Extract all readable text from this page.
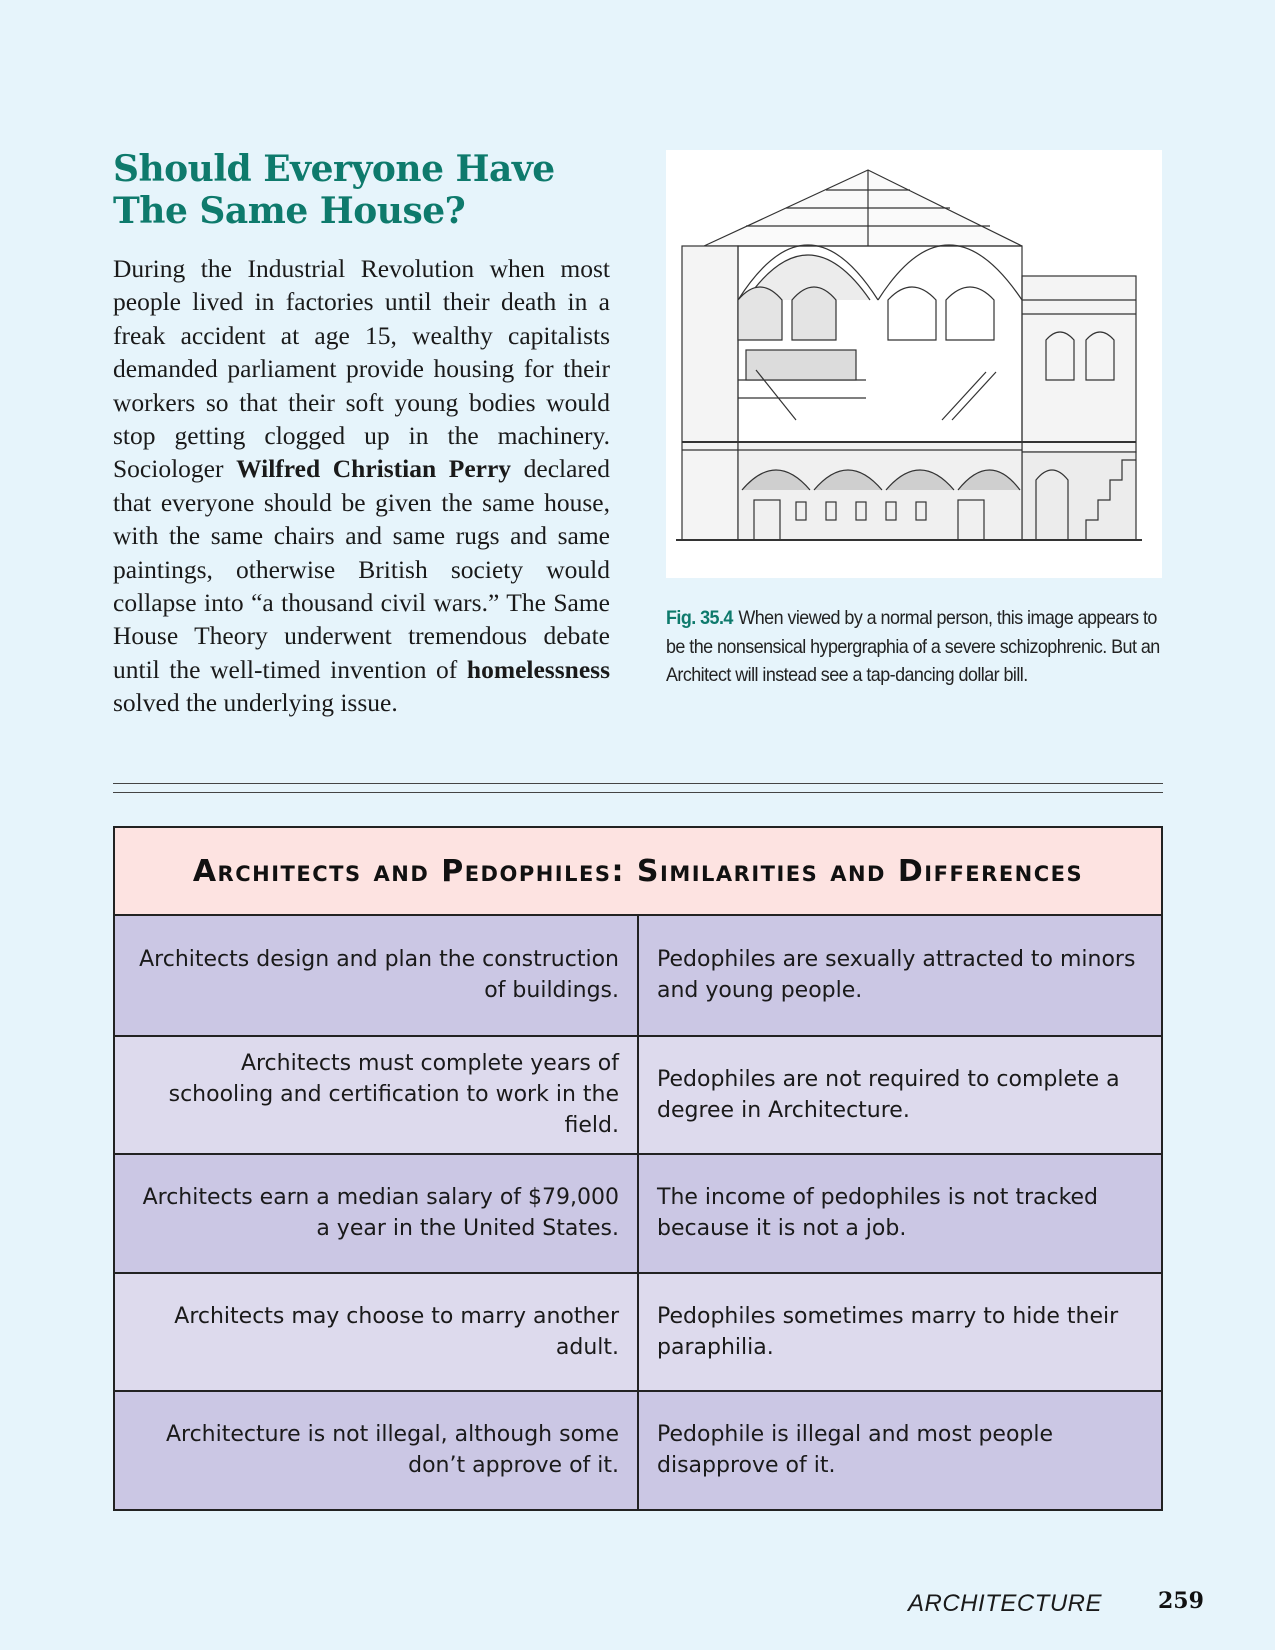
Should Everyone Have The Same House?

During the Industrial Revolution when most people lived in factories until their death in a freak accident at age 15, wealthy capitalists demanded parliament provide housing for their workers so that their soft young bodies would stop getting clogged up in the machinery. Sociologer Wilfred Christian Perry declared that everyone should be given the same house, with the same chairs and same rugs and same paintings, otherwise British society would collapse into “a thousand civil wars.” The Same House Theory underwent tremendous debate until the well-timed invention of homelessness solved the underlying issue.

Fig. 35.4 When viewed by a normal person, this image appears to be the nonsensical hypergraphia of a severe schizophrenic. But an Architect will instead see a tap-dancing dollar bill.

Architects and Pedophiles: Similarities and Differences
Architects design and plan the construction of buildings.
Pedophiles are sexually attracted to minors and young people.
Architects must complete years of schooling and certification to work in the field.
Pedophiles are not required to complete a degree in Architecture.
Architects earn a median salary of $79,000 a year in the United States.
The income of pedophiles is not tracked because it is not a job.
Architects may choose to marry another adult.
Pedophiles sometimes marry to hide their paraphilia.
Architecture is not illegal, although some don’t approve of it.
Pedophile is illegal and most people disapprove of it.
ARCHITECTURE	259
